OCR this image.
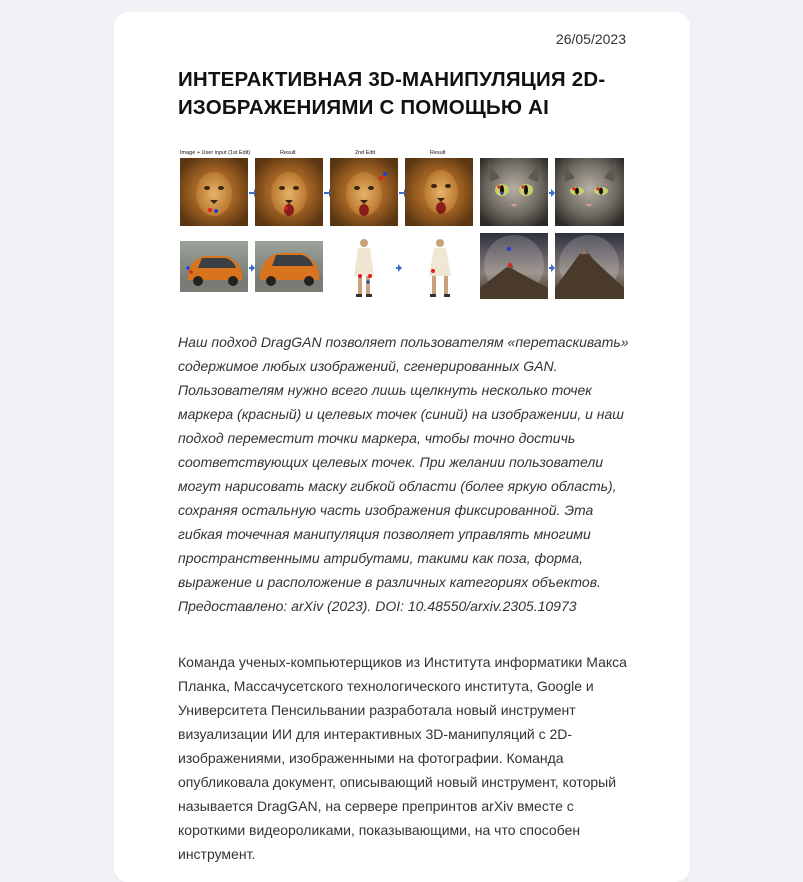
26/05/2023
ИНТЕРАКТИВНАЯ 3D-МАНИПУЛЯЦИЯ 2D-ИЗОБРАЖЕНИЯМИ С ПОМОЩЬЮ AI
Image + User input (1st Edit)	Result	2nd Edit	Result

Наш подход DragGAN позволяет пользователям «перетаскивать» содержимое любых изображений, сгенерированных GAN. Пользователям нужно всего лишь щелкнуть несколько точек маркера (красный) и целевых точек (синий) на изображении, и наш подход переместит точки маркера, чтобы точно достичь соответствующих целевых точек. При желании пользователи могут нарисовать маску гибкой области (более яркую область), сохраняя остальную часть изображения фиксированной. Эта гибкая точечная манипуляция позволяет управлять многими пространственными атрибутами, такими как поза, форма, выражение и расположение в различных категориях объектов. Предоставлено: arXiv (2023). DOI: 10.48550/arxiv.2305.10973

Команда ученых-компьютерщиков из Института информатики Макса Планка, Массачусетского технологического института, Google и Университета Пенсильвании разработала новый инструмент визуализации ИИ для интерактивных 3D-манипуляций с 2D-изображениями, изображенными на фотографии. Команда опубликовала документ, описывающий новый инструмент, который называется DragGAN, на сервере препринтов arXiv вместе с короткими видеороликами, показывающими, на что способен инструмент.
